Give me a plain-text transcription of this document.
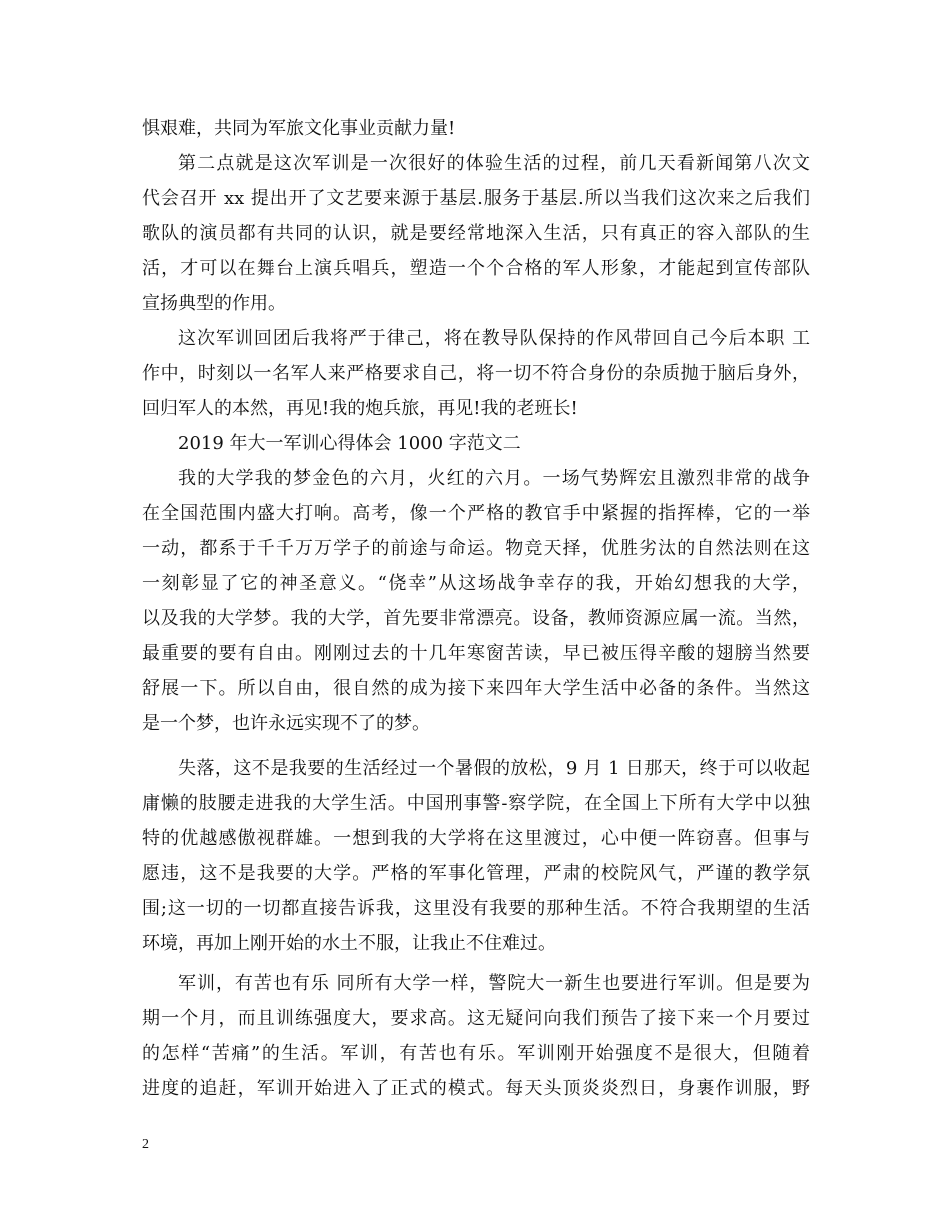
惧艰难，共同为军旅文化事业贡献力量!
第二点就是这次军训是一次很好的体验生活的过程，前几天看新闻第八次文
代会召开 xx 提出开了文艺要来源于基层.服务于基层.所以当我们这次来之后我们
歌队的演员都有共同的认识，就是要经常地深入生活，只有真正的容入部队的生
活，才可以在舞台上演兵唱兵，塑造一个个合格的军人形象，才能起到宣传部队
宣扬典型的作用。
这次军训回团后我将严于律己，将在教导队保持的作风带回自己今后本职 工
作中，时刻以一名军人来严格要求自己，将一切不符合身份的杂质抛于脑后身外，
回归军人的本然，再见!我的炮兵旅，再见!我的老班长!
2019 年大一军训心得体会 1000 字范文二
我的大学我的梦金色的六月，火红的六月。一场气势辉宏且激烈非常的战争
在全国范围内盛大打响。高考，像一个严格的教官手中紧握的指挥棒，它的一举
一动，都系于千千万万学子的前途与命运。物竞天择，优胜劣汰的自然法则在这
一刻彰显了它的神圣意义。“侥幸”从这场战争幸存的我，开始幻想我的大学，
以及我的大学梦。我的大学，首先要非常漂亮。设备，教师资源应属一流。当然，
最重要的要有自由。刚刚过去的十几年寒窗苦读，早已被压得辛酸的翅膀当然要
舒展一下。所以自由，很自然的成为接下来四年大学生活中必备的条件。当然这
是一个梦，也许永远实现不了的梦。
失落，这不是我要的生活经过一个暑假的放松，9 月 1 日那天，终于可以收起
庸懒的肢腰走进我的大学生活。中国刑事警-察学院，在全国上下所有大学中以独
特的优越感傲视群雄。一想到我的大学将在这里渡过，心中便一阵窃喜。但事与
愿违，这不是我要的大学。严格的军事化管理，严肃的校院风气，严谨的教学氛
围;这一切的一切都直接告诉我，这里没有我要的那种生活。不符合我期望的生活
环境，再加上刚开始的水土不服，让我止不住难过。
军训，有苦也有乐 同所有大学一样，警院大一新生也要进行军训。但是要为
期一个月，而且训练强度大，要求高。这无疑问向我们预告了接下来一个月要过
的怎样“苦痛”的生活。军训，有苦也有乐。军训刚开始强度不是很大，但随着
进度的追赶，军训开始进入了正式的模式。每天头顶炎炎烈日，身裹作训服，野
2
